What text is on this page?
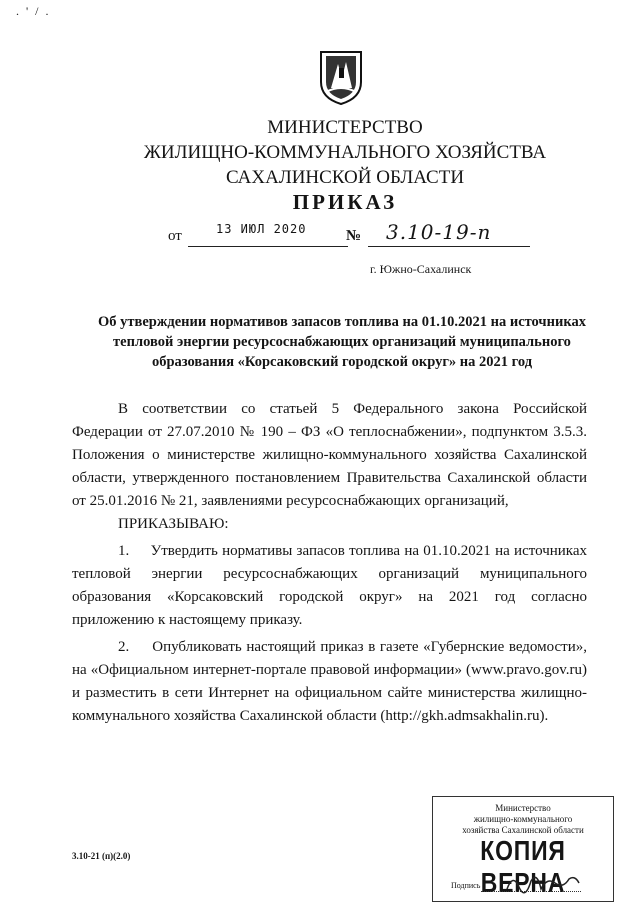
. ' / .
МИНИСТЕРСТВО
ЖИЛИЩНО-КОММУНАЛЬНОГО ХОЗЯЙСТВА
САХАЛИНСКОЙ ОБЛАСТИ
ПРИКАЗ
от	13 ИЮЛ 2020	№ 3.10-19-п
г. Южно-Сахалинск
Об утверждении нормативов запасов топлива на 01.10.2021 на источниках тепловой энергии ресурсоснабжающих организаций муниципального образования «Корсаковский городской округ» на 2021 год

В соответствии со статьей 5 Федерального закона Российской Федерации от 27.07.2010 № 190 – ФЗ «О теплоснабжении», подпунктом 3.5.3. Положения о министерстве жилищно-коммунального хозяйства Сахалинской области, утвержденного постановлением Правительства Сахалинской области от 25.01.2016 № 21, заявлениями ресурсоснабжающих организаций,

ПРИКАЗЫВАЮ:

1. Утвердить нормативы запасов топлива на 01.10.2021 на источниках тепловой энергии ресурсоснабжающих организаций муниципального образования «Корсаковский городской округ» на 2021 год согласно приложению к настоящему приказу.

2. Опубликовать настоящий приказ в газете «Губернские ведомости», на «Официальном интернет-портале правовой информации» (www.pravo.gov.ru) и разместить в сети Интернет на официальном сайте министерства жилищно-коммунального хозяйства Сахалинской области (http://gkh.admsakhalin.ru).

3.10-21 (п)(2.0)
Министерство
жилищно-коммунального
хозяйства Сахалинской области
КОПИЯ ВЕРНА
Подпись
